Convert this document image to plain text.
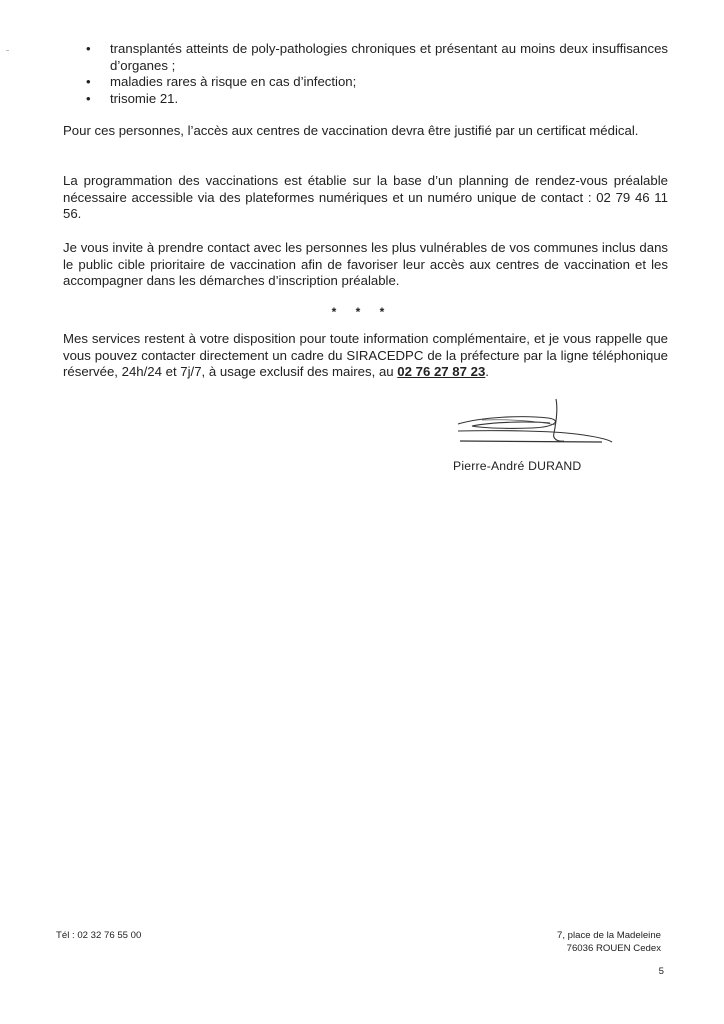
• transplantés atteints de poly-pathologies chroniques et présentant au moins deux insuffisances d’organes ;
• maladies rares à risque en cas d’infection;
• trisomie 21.

Pour ces personnes, l’accès aux centres de vaccination devra être justifié par un certificat médical.

La programmation des vaccinations est établie sur la base d’un planning de rendez-vous préalable nécessaire accessible via des plateformes numériques et un numéro unique de contact : 02 79 46 11 56.

Je vous invite à prendre contact avec les personnes les plus vulnérables de vos communes inclus dans le public cible prioritaire de vaccination afin de favoriser leur accès aux centres de vaccination et les accompagner dans les démarches d’inscription préalable.

* * *

Mes services restent à votre disposition pour toute information complémentaire, et je vous rappelle que vous pouvez contacter directement un cadre du SIRACEDPC de la préfecture par la ligne téléphonique réservée, 24h/24 et 7j/7, à usage exclusif des maires, au 02 76 27 87 23.

Pierre-André DURAND
Tél : 02 32 76 55 00	7, place de la Madeleine
76036 ROUEN Cedex
5
